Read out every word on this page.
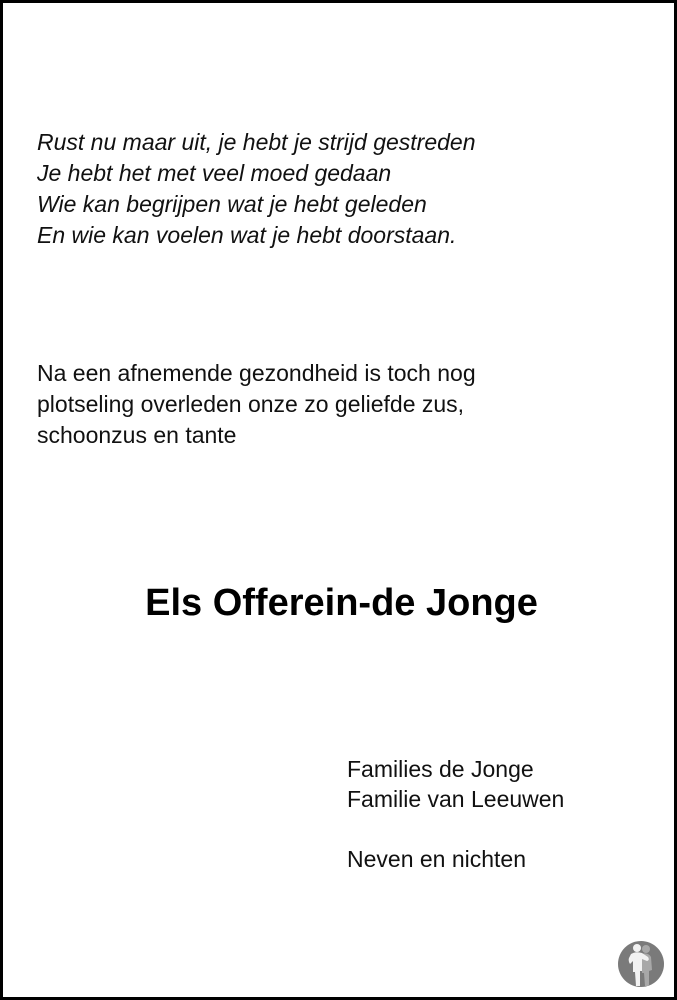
Rust nu maar uit, je hebt je strijd gestreden
Je hebt het met veel moed gedaan
Wie kan begrijpen wat je hebt geleden
En wie kan voelen wat je hebt doorstaan.
Na een afnemende gezondheid is toch nog
plotseling overleden onze zo geliefde zus,
schoonzus en tante
Els Offerein-de Jonge
Families de Jonge
Familie van Leeuwen
Neven en nichten
